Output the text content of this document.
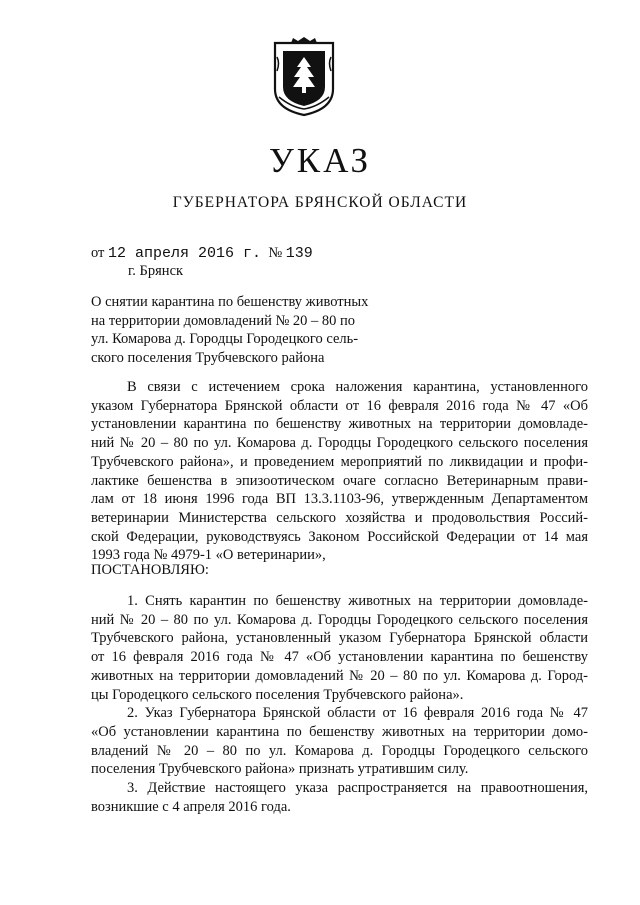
УКАЗ
ГУБЕРНАТОРА БРЯНСКОЙ ОБЛАСТИ
от 12 апреля 2016 г. № 139
г. Брянск
О снятии карантина по бешенству животных
на территории домовладений № 20 – 80 по
ул. Комарова д. Городцы Городецкого сель-
ского поселения Трубчевского района
В связи с истечением срока наложения карантина, установленного
указом Губернатора Брянской области от 16 февраля 2016 года № 47 «Об
установлении карантина по бешенству животных на территории домовладе-
ний № 20 – 80 по ул. Комарова д. Городцы Городецкого сельского поселения
Трубчевского района», и проведением мероприятий по ликвидации и профи-
лактике бешенства в эпизоотическом очаге согласно Ветеринарным прави-
лам от 18 июня 1996 года ВП 13.3.1103-96, утвержденным Департаментом
ветеринарии Министерства сельского хозяйства и продовольствия Россий-
ской Федерации, руководствуясь Законом Российской Федерации от 14 мая
1993 года № 4979-1 «О ветеринарии»,
ПОСТАНОВЛЯЮ:
1. Снять карантин по бешенству животных на территории домовладе-
ний № 20 – 80 по ул. Комарова д. Городцы Городецкого сельского поселения
Трубчевского района, установленный указом Губернатора Брянской области
от 16 февраля 2016 года № 47 «Об установлении карантина по бешенству
животных на территории домовладений № 20 – 80 по ул. Комарова д. Город-
цы Городецкого сельского поселения Трубчевского района».
2. Указ Губернатора Брянской области от 16 февраля 2016 года № 47
«Об установлении карантина по бешенству животных на территории домо-
владений № 20 – 80 по ул. Комарова д. Городцы Городецкого сельского
поселения Трубчевского района» признать утратившим силу.
3. Действие настоящего указа распространяется на правоотношения,
возникшие с 4 апреля 2016 года.
